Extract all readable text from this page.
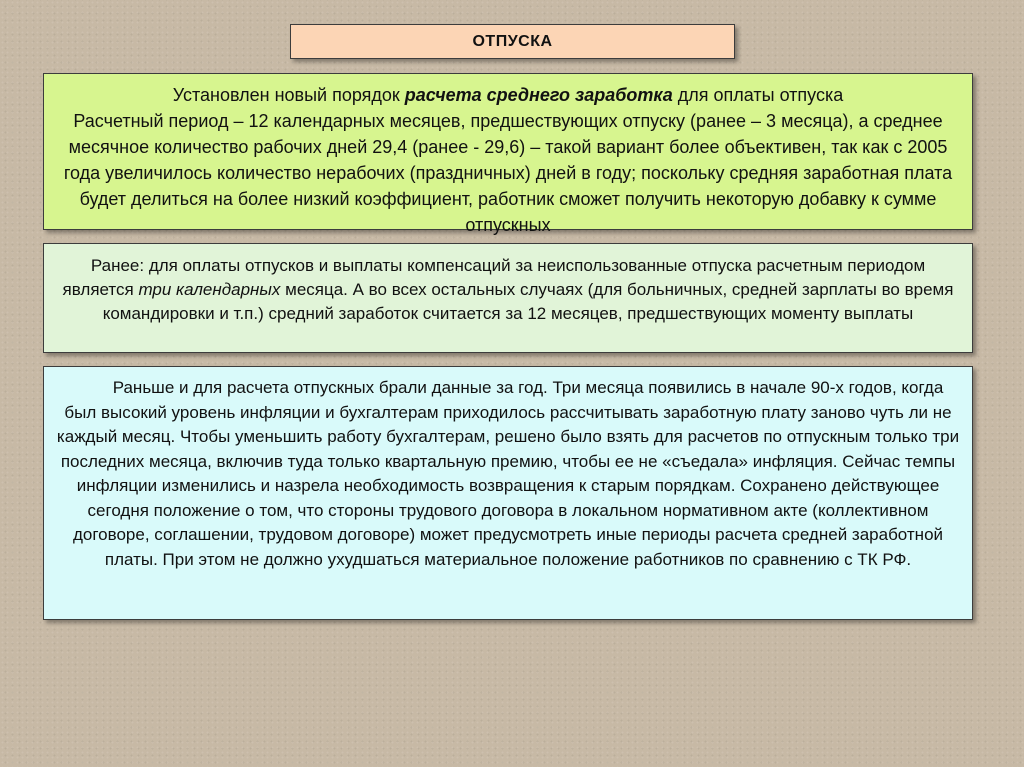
ОТПУСКА
Установлен новый порядок расчета среднего заработка для оплаты отпуска
Расчетный период – 12 календарных месяцев, предшествующих отпуску (ранее – 3 месяца), а среднее месячное количество рабочих дней 29,4 (ранее - 29,6) – такой вариант более объективен, так как с 2005 года увеличилось количество нерабочих (праздничных) дней в году; поскольку средняя заработная плата будет делиться на более низкий коэффициент, работник сможет получить некоторую добавку к сумме отпускных
Ранее: для оплаты отпусков и выплаты компенсаций за неиспользованные отпуска расчетным периодом является три календарных месяца. А во всех остальных случаях (для больничных, средней зарплаты во время командировки и т.п.) средний заработок считается за 12 месяцев, предшествующих моменту выплаты
Раньше и для расчета отпускных брали данные за год. Три месяца появились в начале 90-х годов, когда был высокий уровень инфляции и бухгалтерам приходилось рассчитывать заработную плату заново чуть ли не каждый месяц. Чтобы уменьшить работу бухгалтерам, решено было взять для расчетов по отпускным только три последних месяца, включив туда только квартальную премию, чтобы ее не «съедала» инфляция. Сейчас темпы инфляции изменились и назрела необходимость возвращения к старым порядкам. Сохранено действующее сегодня положение о том, что стороны трудового договора в локальном нормативном акте (коллективном договоре, соглашении, трудовом договоре) может предусмотреть иные периоды расчета средней заработной платы. При этом не должно ухудшаться материальное положение работников по сравнению с ТК РФ.
